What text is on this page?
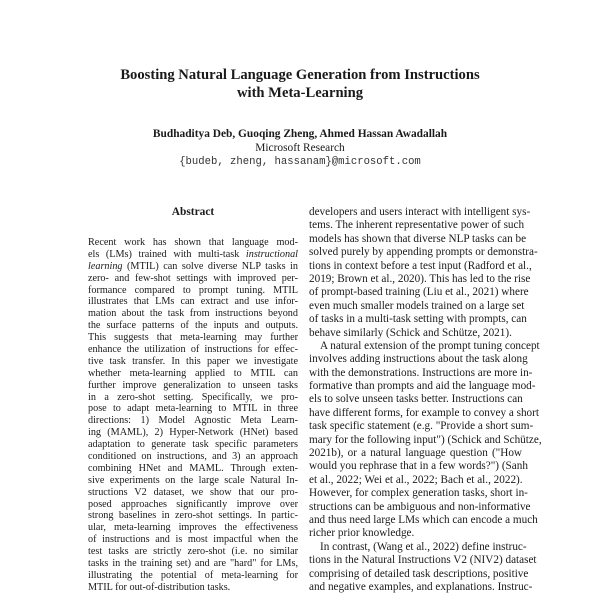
Boosting Natural Language Generation from Instructions
with Meta-Learning
Budhaditya Deb, Guoqing Zheng, Ahmed Hassan Awadallah
Microsoft Research
{budeb, zheng, hassanam}@microsoft.com
Abstract
Recent work has shown that language mod-
els (LMs) trained with multi-task instructional
learning (MTIL) can solve diverse NLP tasks in
zero- and few-shot settings with improved per-
formance compared to prompt tuning. MTIL
illustrates that LMs can extract and use infor-
mation about the task from instructions beyond
the surface patterns of the inputs and outputs.
This suggests that meta-learning may further
enhance the utilization of instructions for effec-
tive task transfer. In this paper we investigate
whether meta-learning applied to MTIL can
further improve generalization to unseen tasks
in a zero-shot setting. Specifically, we pro-
pose to adapt meta-learning to MTIL in three
directions: 1) Model Agnostic Meta Learn-
ing (MAML), 2) Hyper-Network (HNet) based
adaptation to generate task specific parameters
conditioned on instructions, and 3) an approach
combining HNet and MAML. Through exten-
sive experiments on the large scale Natural In-
structions V2 dataset, we show that our pro-
posed approaches significantly improve over
strong baselines in zero-shot settings. In partic-
ular, meta-learning improves the effectiveness
of instructions and is most impactful when the
test tasks are strictly zero-shot (i.e. no similar
tasks in the training set) and are "hard" for LMs,
illustrating the potential of meta-learning for
MTIL for out-of-distribution tasks.
developers and users interact with intelligent sys-
tems. The inherent representative power of such
models has shown that diverse NLP tasks can be
solved purely by appending prompts or demonstra-
tions in context before a test input (Radford et al.,
2019; Brown et al., 2020). This has led to the rise
of prompt-based training (Liu et al., 2021) where
even much smaller models trained on a large set
of tasks in a multi-task setting with prompts, can
behave similarly (Schick and Schütze, 2021).
A natural extension of the prompt tuning concept
involves adding instructions about the task along
with the demonstrations. Instructions are more in-
formative than prompts and aid the language mod-
els to solve unseen tasks better. Instructions can
have different forms, for example to convey a short
task specific statement (e.g. "Provide a short sum-
mary for the following input") (Schick and Schütze,
2021b), or a natural language question ("How
would you rephrase that in a few words?") (Sanh
et al., 2022; Wei et al., 2022; Bach et al., 2022).
However, for complex generation tasks, short in-
structions can be ambiguous and non-informative
and thus need large LMs which can encode a much
richer prior knowledge.
In contrast, (Wang et al., 2022) define instruc-
tions in the Natural Instructions V2 (NIV2) dataset
comprising of detailed task descriptions, positive
and negative examples, and explanations. Instruc-
